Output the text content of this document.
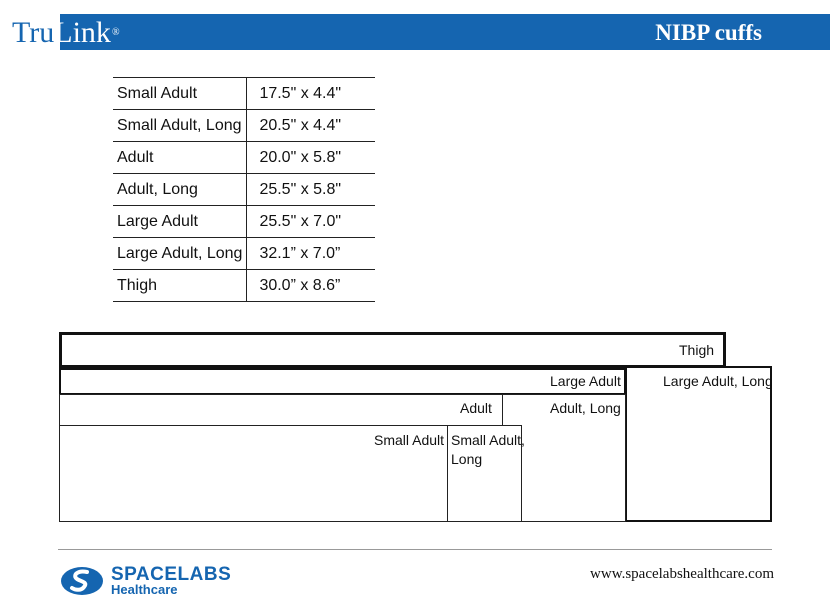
TruLink®	NIBP cuffs
Small Adult	17.5" x 4.4"
Small Adult, Long	20.5" x 4.4"
Adult	20.0" x 5.8"
Adult, Long	25.5" x 5.8"
Large Adult	25.5" x 7.0"
Large Adult, Long	32.1” x 7.0”
Thigh	30.0” x 8.6”
Thigh
Large Adult	Large Adult, Long
Adult	Adult, Long
Small Adult Small Adult,
Long
SPACELABS
Healthcare
www.spacelabshealthcare.com
